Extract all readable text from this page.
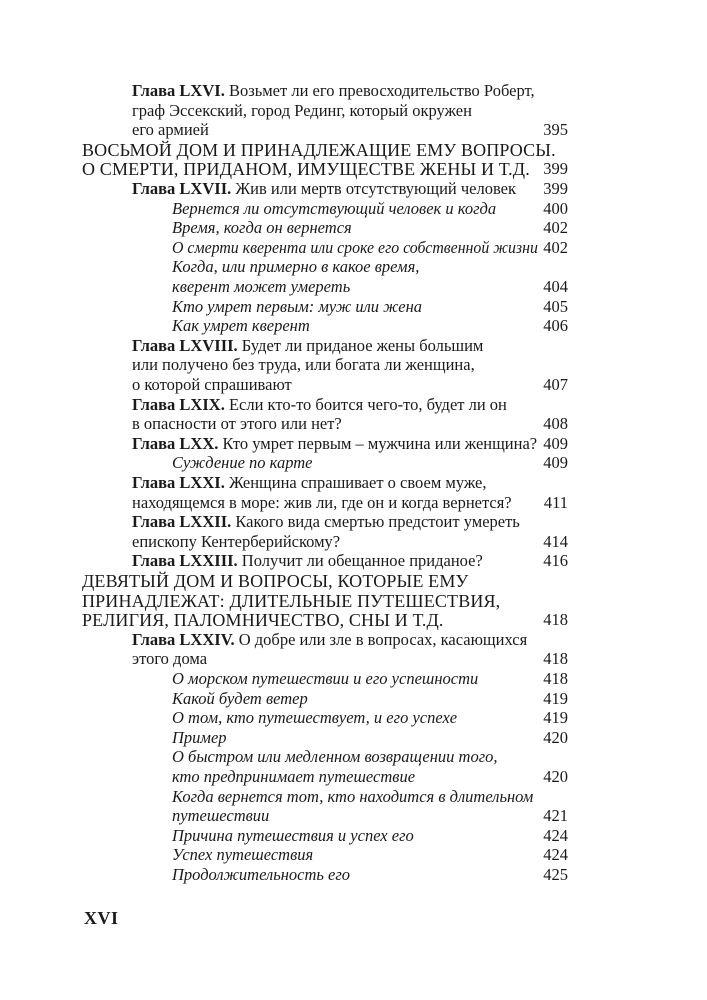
Глава LXVI. Возьмет ли его превосходительство Роберт,
граф Эссекский, город Рединг, который окружен
его армией	395
ВОСЬМОЙ ДОМ И ПРИНАДЛЕЖАЩИЕ ЕМУ ВОПРОСЫ.
О СМЕРТИ, ПРИДАНОМ, ИМУЩЕСТВЕ ЖЕНЫ И Т.Д. 399
Глава LXVII. Жив или мертв отсутствующий человек 399
Вернется ли отсутствующий человек и когда	400
Время, когда он вернется	402
О смерти кверента или сроке его собственной жизни 402
Когда, или примерно в какое время,
кверент может умереть	404
Кто умрет первым: муж или жена	405
Как умрет кверент	406
Глава LXVIII. Будет ли приданое жены большим
или получено без труда, или богата ли женщина,
о которой спрашивают	407
Глава LXIX. Если кто-то боится чего-то, будет ли он
в опасности от этого или нет?	408
Глава LXX. Кто умрет первым – мужчина или женщина? 409
Суждение по карте	409
Глава LXXI. Женщина спрашивает о своем муже,
находящемся в море: жив ли, где он и когда вернется? 411
Глава LXXII. Какого вида смертью предстоит умереть
епископу Кентерберийскому?	414
Глава LXXIII. Получит ли обещанное приданое?	416
ДЕВЯТЫЙ ДОМ И ВОПРОСЫ, КОТОРЫЕ ЕМУ
ПРИНАДЛЕЖАТ: ДЛИТЕЛЬНЫЕ ПУТЕШЕСТВИЯ,
РЕЛИГИЯ, ПАЛОМНИЧЕСТВО, СНЫ И Т.Д.	418
Глава LXXIV. О добре или зле в вопросах, касающихся
этого дома	418
О морском путешествии и его успешности	418
Какой будет ветер	419
О том, кто путешествует, и его успехе	419
Пример	420
О быстром или медленном возвращении того,
кто предпринимает путешествие	420
Когда вернется тот, кто находится в длительном
путешествии	421
Причина путешествия и успех его	424
Успех путешествия	424
Продолжительность его	425
XVI
